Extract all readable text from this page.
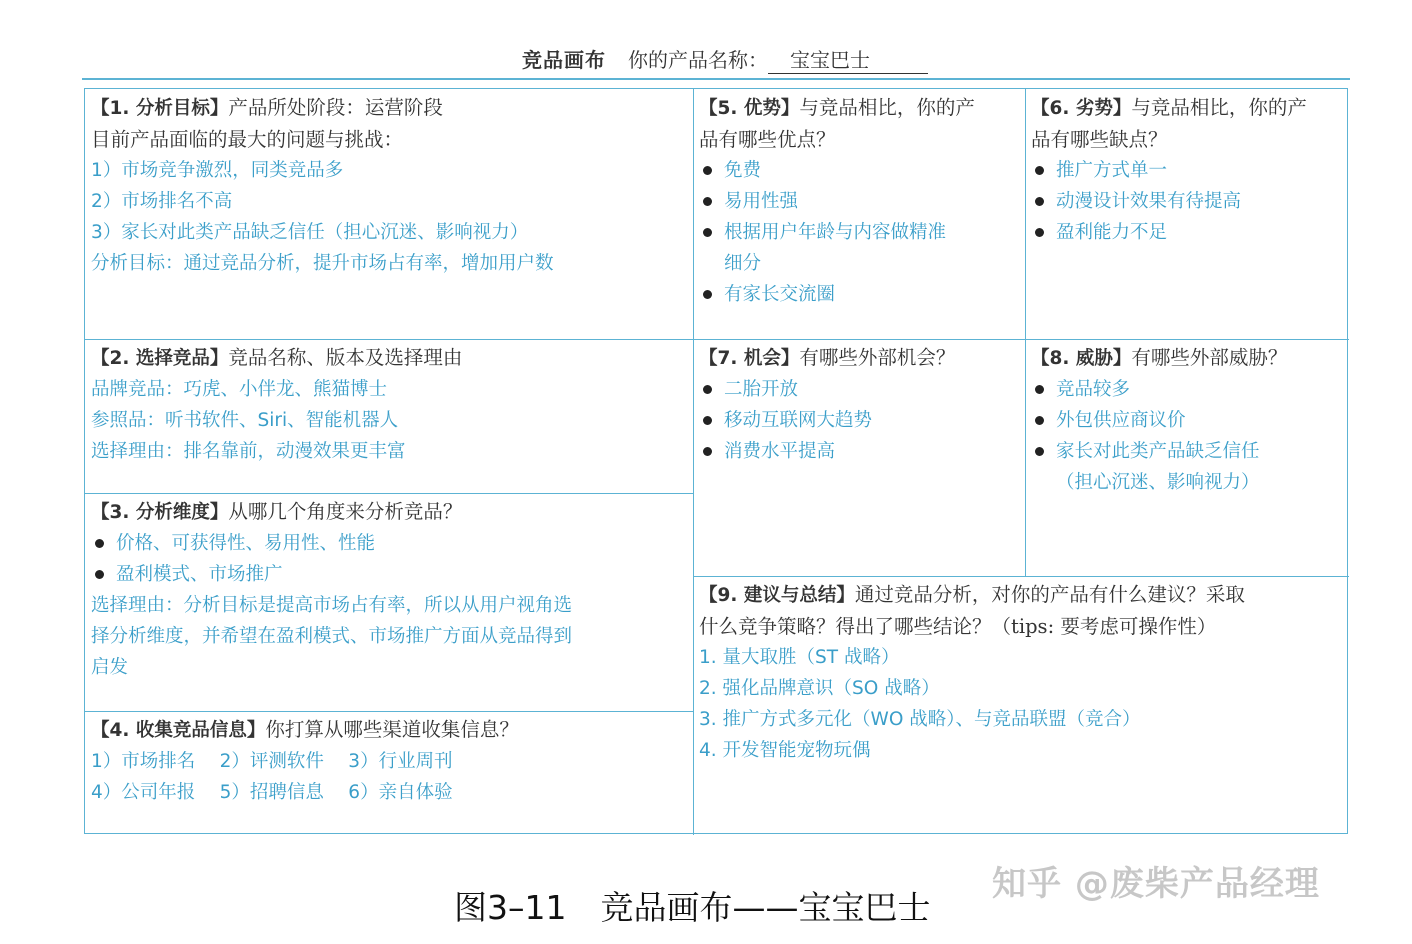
竞品画布 你的产品名称： 宝宝巴士
【1. 分析目标】产品所处阶段：运营阶段
目前产品面临的最大的问题与挑战：
1）市场竞争激烈，同类竞品多
2）市场排名不高
3）家长对此类产品缺乏信任（担心沉迷、影响视力）
分析目标：通过竞品分析，提升市场占有率，增加用户数
【2. 选择竞品】竞品名称、版本及选择理由
品牌竞品：巧虎、小伴龙、熊猫博士
参照品：听书软件、Siri、智能机器人
选择理由：排名靠前，动漫效果更丰富
【3. 分析维度】从哪几个角度来分析竞品？
价格、可获得性、易用性、性能
盈利模式、市场推广
选择理由：分析目标是提高市场占有率，所以从用户视角选
择分析维度，并希望在盈利模式、市场推广方面从竞品得到
启发
【4. 收集竞品信息】你打算从哪些渠道收集信息？
1）市场排名　 2）评测软件　 3）行业周刊
4）公司年报　 5）招聘信息　 6）亲自体验
【5. 优势】与竞品相比，你的产
品有哪些优点？
免费
易用性强
根据用户年龄与内容做精准
细分
有家长交流圈
【6. 劣势】与竞品相比，你的产
品有哪些缺点？
推广方式单一
动漫设计效果有待提高
盈利能力不足
【7. 机会】有哪些外部机会？
二胎开放
移动互联网大趋势
消费水平提高
【8. 威胁】有哪些外部威胁？
竞品较多
外包供应商议价
家长对此类产品缺乏信任
（担心沉迷、影响视力）
【9. 建议与总结】通过竞品分析，对你的产品有什么建议？采取
什么竞争策略？得出了哪些结论？（tips: 要考虑可操作性）
1. 量大取胜（ST 战略）
2. 强化品牌意识（SO 战略）
3. 推广方式多元化（WO 战略）、与竞品联盟（竞合）
4. 开发智能宠物玩偶
图3–11 竞品画布——宝宝巴士
知乎 @废柴产品经理
